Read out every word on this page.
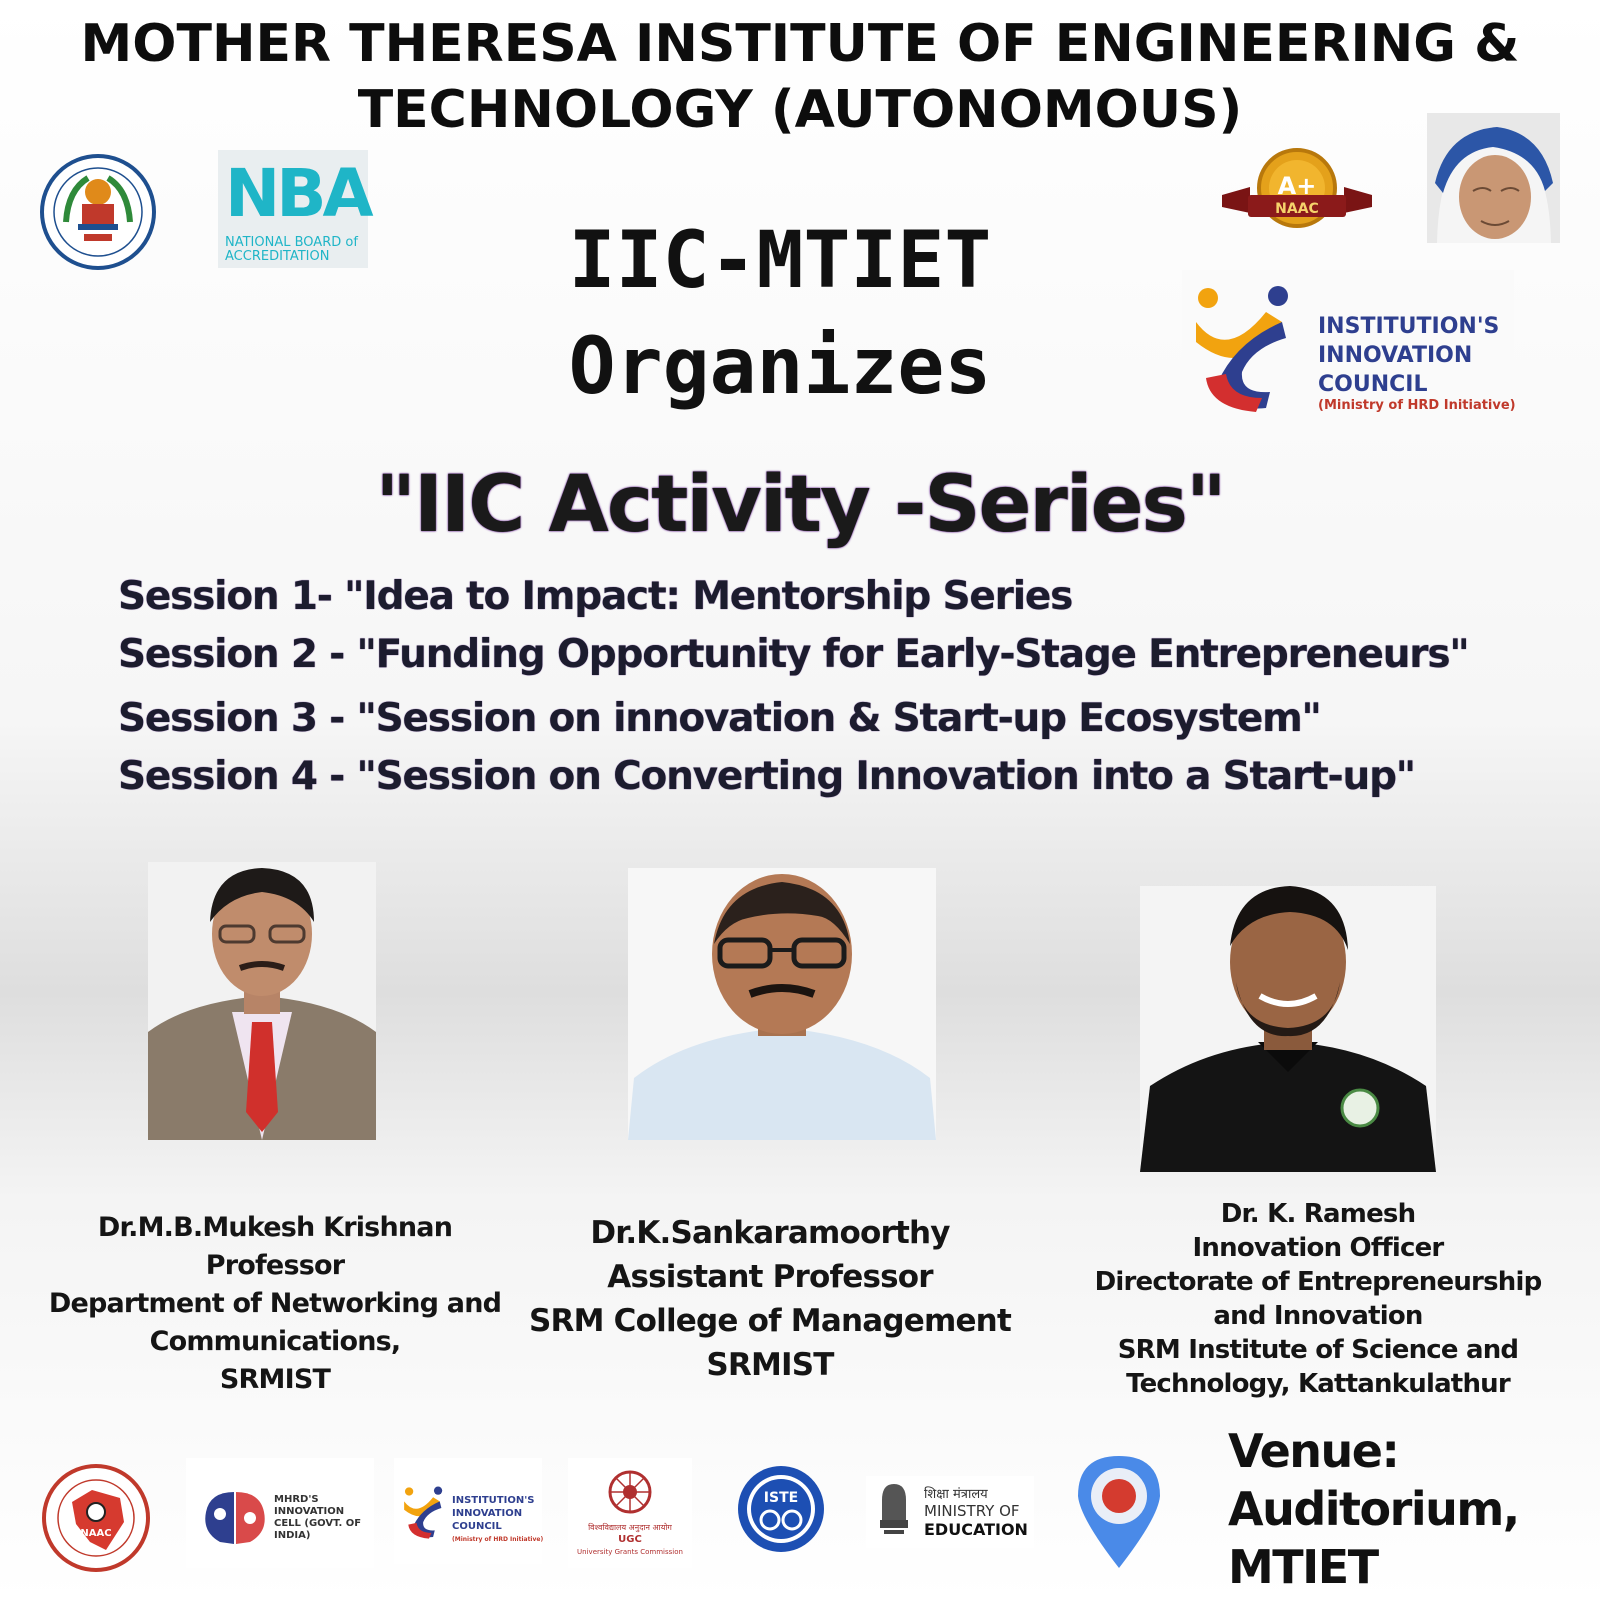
MOTHER THERESA INSTITUTE OF ENGINEERING &
TECHNOLOGY (AUTONOMOUS)
NBA
NATIONAL BOARD of ACCREDITATION	IIC-MTIET
Organizes
A+
NAAC
INSTITUTION'S
INNOVATION
COUNCIL
(Ministry of HRD Initiative)
"IIC Activity -Series"
Session 1- "Idea to Impact: Mentorship Series
Session 2 - "Funding Opportunity for Early-Stage Entrepreneurs"
Session 3 - "Session on innovation & Start-up Ecosystem"
Session 4 - "Session on Converting Innovation into a Start-up"
Dr.M.B.Mukesh Krishnan
Professor
Department of Networking and
Communications,
SRMIST
Dr.K.Sankaramoorthy
Assistant Professor
SRM College of Management
SRMIST
Dr. K. Ramesh
Innovation Officer
Directorate of Entrepreneurship
and Innovation
SRM Institute of Science and
Technology, Kattankulathur
NAAC
MHRD'S INNOVATION CELL (GOVT. OF INDIA)
INSTITUTION'S
INNOVATION
COUNCIL
(Ministry of HRD Initiative)
विश्वविद्यालय अनुदान आयोग
UGC
University Grants Commission
ISTE	शिक्षा मंत्रालय
MINISTRY OF
EDUCATION
Venue:
Auditorium,
MTIET
